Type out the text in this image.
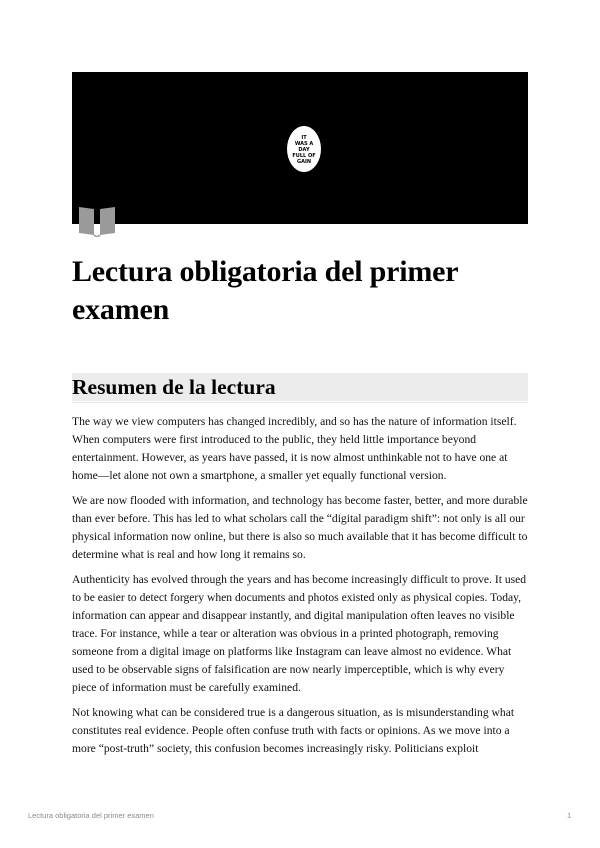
IT
WAS A
DAY
FULL OF
GAIN
Lectura obligatoria del primer examen
Resumen de la lectura

The way we view computers has changed incredibly, and so has the nature of information itself. When computers were first introduced to the public, they held little importance beyond entertainment. However, as years have passed, it is now almost unthinkable not to have one at home—let alone not own a smartphone, a smaller yet equally functional version.

We are now flooded with information, and technology has become faster, better, and more durable than ever before. This has led to what scholars call the “digital paradigm shift”: not only is all our physical information now online, but there is also so much available that it has become difficult to determine what is real and how long it remains so.

Authenticity has evolved through the years and has become increasingly difficult to prove. It used to be easier to detect forgery when documents and photos existed only as physical copies. Today, information can appear and disappear instantly, and digital manipulation often leaves no visible trace. For instance, while a tear or alteration was obvious in a printed photograph, removing someone from a digital image on platforms like Instagram can leave almost no evidence. What used to be observable signs of falsification are now nearly imperceptible, which is why every piece of information must be carefully examined.

Not knowing what can be considered true is a dangerous situation, as is misunderstanding what constitutes real evidence. People often confuse truth with facts or opinions. As we move into a more “post-truth” society, this confusion becomes increasingly risky. Politicians exploit

Lectura obligatoria del primer examen	1
